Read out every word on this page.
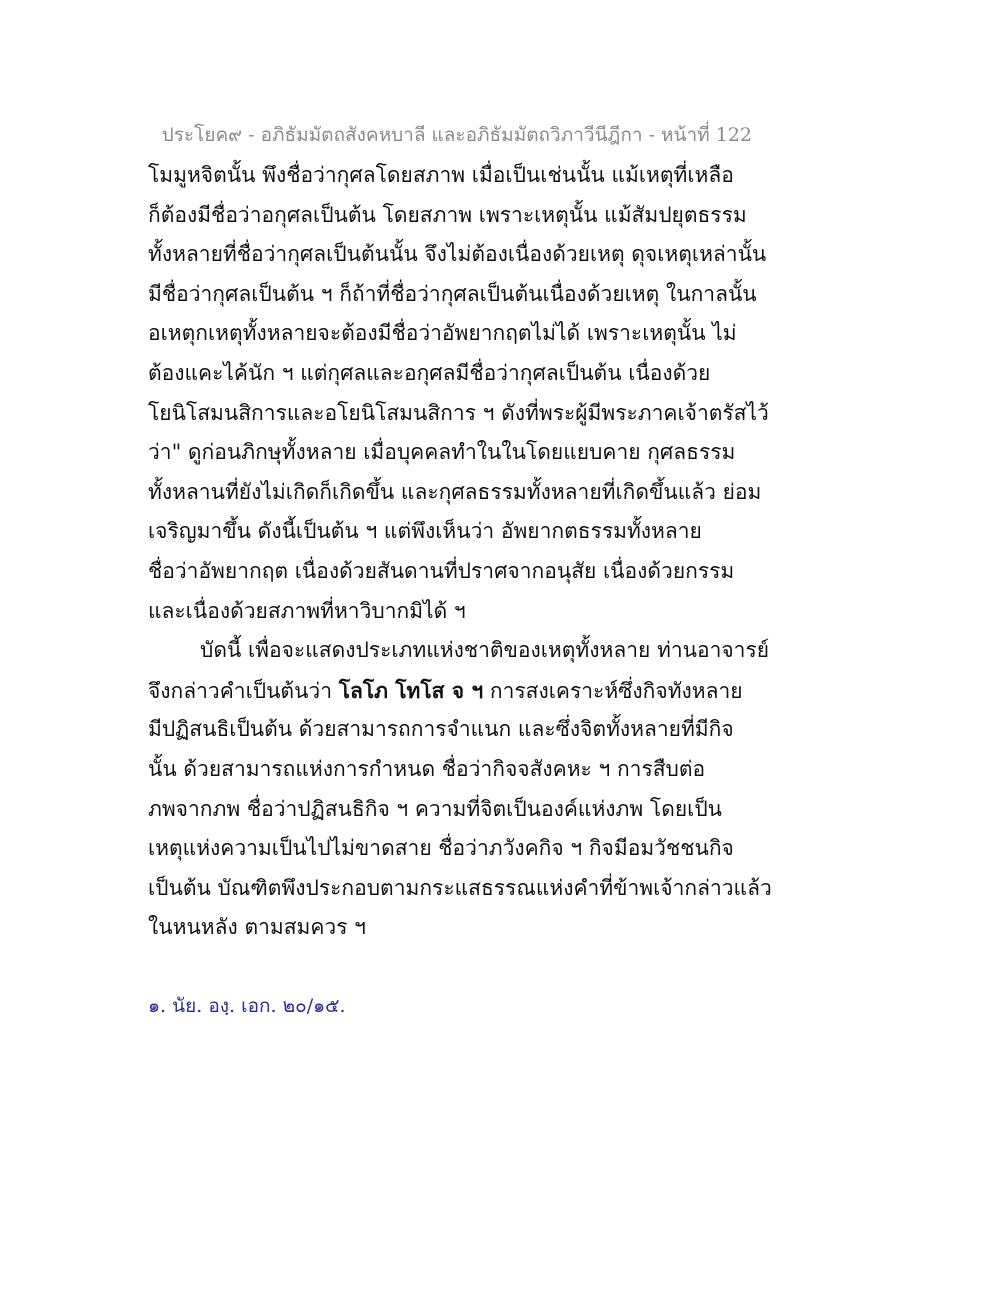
ประโยค๙ - อภิธัมมัตถสังคหบาลี และอภิธัมมัตถวิภาวีนีฎีกา - หน้าที่ 122
โมมูหจิตนั้น พึงชื่อว่ากุศลโดยสภาพ เมื่อเป็นเช่นนั้น แม้เหตุที่เหลือ
ก็ต้องมีชื่อว่าอกุศลเป็นต้น โดยสภาพ เพราะเหตุนั้น แม้สัมปยุตธรรม
ทั้งหลายที่ชื่อว่ากุศลเป็นต้นนั้น จึงไม่ต้องเนื่องด้วยเหตุ ดุจเหตุเหล่านั้น
มีชื่อว่ากุศลเป็นต้น ฯ ก็ถ้าที่ชื่อว่ากุศลเป็นต้นเนื่องด้วยเหตุ ในกาลนั้น
อเหตุกเหตุทั้งหลายจะต้องมีชื่อว่าอัพยากฤตไม่ได้ เพราะเหตุนั้น ไม่
ต้องแคะไค้นัก ฯ แต่กุศลและอกุศลมีชื่อว่ากุศลเป็นต้น เนื่องด้วย
โยนิโสมนสิการและอโยนิโสมนสิการ ฯ ดังที่พระผู้มีพระภาคเจ้าตรัสไว้
ว่า" ดูก่อนภิกษุทั้งหลาย เมื่อบุคคลทำในในโดยแยบคาย กุศลธรรม
ทั้งหลานที่ยังไม่เกิดก็เกิดขึ้น และกุศลธรรมทั้งหลายที่เกิดขึ้นแล้ว ย่อม
เจริญมาขึ้น ดังนี้เป็นต้น ฯ แต่พึงเห็นว่า อัพยากตธรรมทั้งหลาย
ชื่อว่าอัพยากฤต เนื่องด้วยสันดานที่ปราศจากอนุสัย เนื่องด้วยกรรม
และเนื่องด้วยสภาพที่หาวิบากมิได้ ฯ
บัดนี้ เพื่อจะแสดงประเภทแห่งชาติของเหตุทั้งหลาย ท่านอาจารย์
จึงกล่าวคำเป็นต้นว่า โลโภ โทโส จ ฯ การสงเคราะห์ซึ่งกิจทังหลาย
มีปฏิสนธิเป็นต้น ด้วยสามารถการจำแนก และซึ่งจิตทั้งหลายที่มีกิจ
นั้น ด้วยสามารถแห่งการกำหนด ชื่อว่ากิจจสังคหะ ฯ การสืบต่อ
ภพจากภพ ชื่อว่าปฏิสนธิกิจ ฯ ความที่จิตเป็นองค์แห่งภพ โดยเป็น
เหตุแห่งความเป็นไปไม่ขาดสาย ชื่อว่าภวังคกิจ ฯ กิจมีอมวัชชนกิจ
เป็นต้น บัณฑิตพึงประกอบตามกระแสธรรณแห่งคำที่ข้าพเจ้ากล่าวแล้ว
ในหนหลัง ตามสมควร ฯ
๑. นัย. องฺ. เอก. ๒๐/๑๕.
